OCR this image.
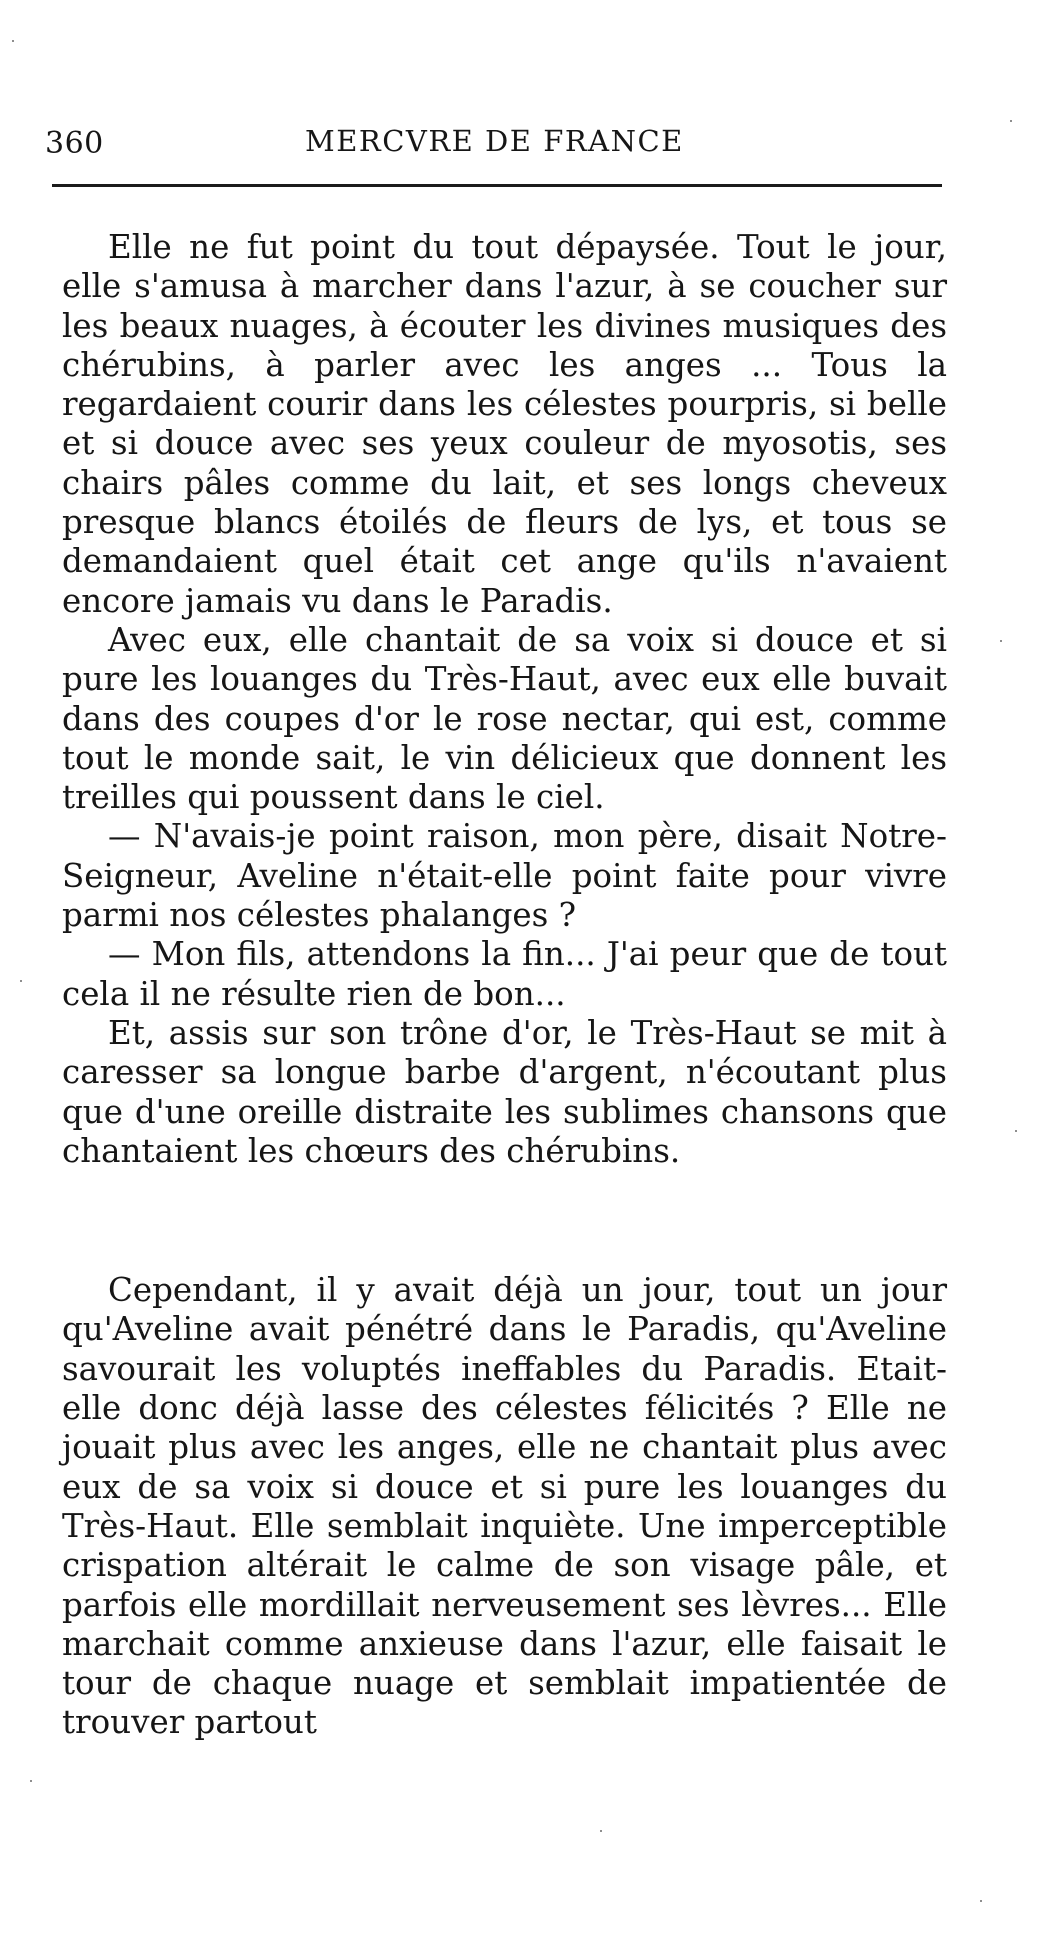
360	MERCVRE DE FRANCE

Elle ne fut point du tout dépaysée. Tout le jour, elle s'amusa à marcher dans l'azur, à se coucher sur les beaux nuages, à écouter les divines musiques des chérubins, à parler avec les anges ... Tous la regardaient courir dans les célestes pourpris, si belle et si douce avec ses yeux couleur de myosotis, ses chairs pâles comme du lait, et ses longs cheveux presque blancs étoilés de fleurs de lys, et tous se demandaient quel était cet ange qu'ils n'avaient encore jamais vu dans le Paradis.

Avec eux, elle chantait de sa voix si douce et si pure les louanges du Très-Haut, avec eux elle buvait dans des coupes d'or le rose nectar, qui est, comme tout le monde sait, le vin délicieux que donnent les treilles qui poussent dans le ciel.

— N'avais-je point raison, mon père, disait Notre-Seigneur, Aveline n'était-elle point faite pour vivre parmi nos célestes phalanges ?

— Mon fils, attendons la fin... J'ai peur que de tout cela il ne résulte rien de bon...

Et, assis sur son trône d'or, le Très-Haut se mit à caresser sa longue barbe d'argent, n'écoutant plus que d'une oreille distraite les sublimes chansons que chantaient les chœurs des chérubins.

Cependant, il y avait déjà un jour, tout un jour qu'Aveline avait pénétré dans le Paradis, qu'Aveline savourait les voluptés ineffables du Paradis. Etait-elle donc déjà lasse des célestes félicités ? Elle ne jouait plus avec les anges, elle ne chantait plus avec eux de sa voix si douce et si pure les louanges du Très-Haut. Elle semblait inquiète. Une imperceptible crispation altérait le calme de son visage pâle, et parfois elle mordillait nerveusement ses lèvres... Elle marchait comme anxieuse dans l'azur, elle faisait le tour de chaque nuage et semblait impatientée de trouver partout
